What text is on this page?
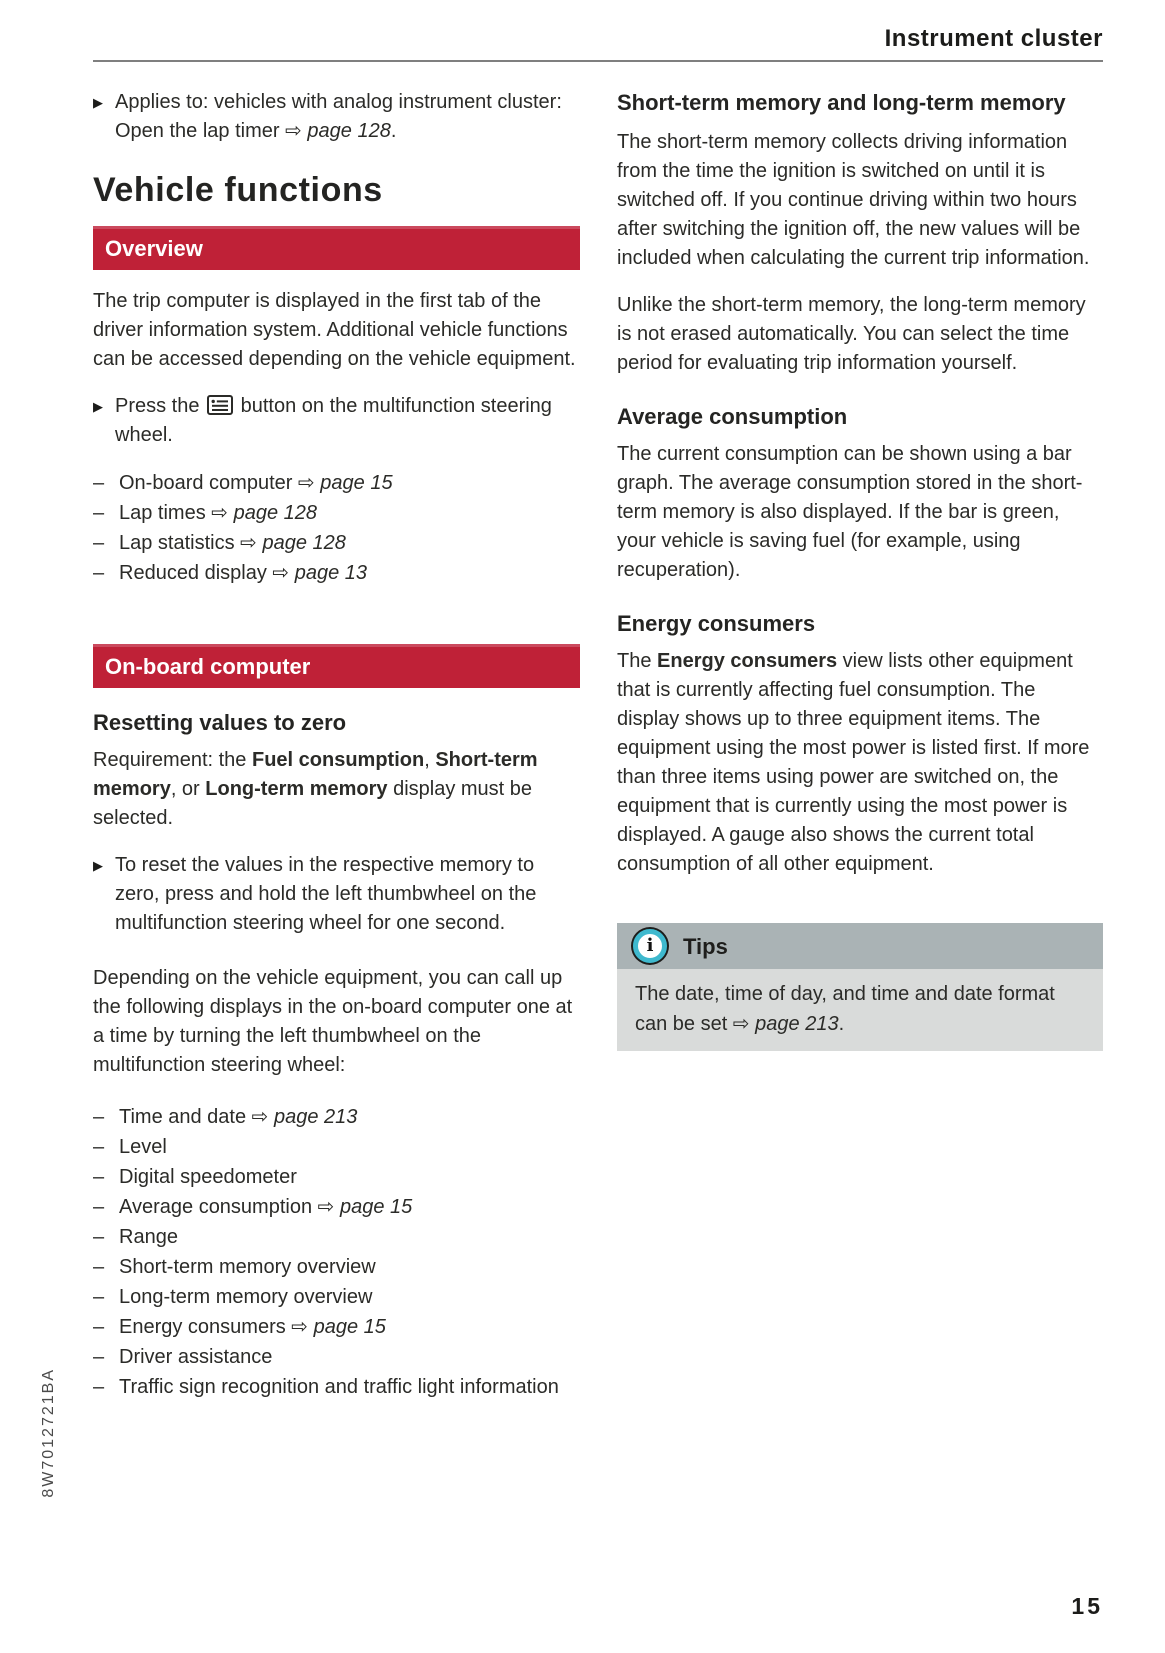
Instrument cluster
▶ Applies to: vehicles with analog instrument cluster: Open the lap timer ⇨ page 128.
Vehicle functions
Overview

The trip computer is displayed in the first tab of the driver information system. Additional vehicle functions can be accessed depending on the vehicle equipment.

▶ Press the  button on the multifunction steering wheel.
– On-board computer ⇨ page 15
– Lap times ⇨ page 128
– Lap statistics ⇨ page 128
– Reduced display ⇨ page 13
On-board computer
Resetting values to zero

Requirement: the Fuel consumption, Short-term memory, or Long-term memory display must be selected.

▶ To reset the values in the respective memory to zero, press and hold the left thumbwheel on the multifunction steering wheel for one second.

Depending on the vehicle equipment, you can call up the following displays in the on-board computer one at a time by turning the left thumbwheel on the multifunction steering wheel:

– Time and date ⇨ page 213
– Level
– Digital speedometer
– Average consumption ⇨ page 15
– Range
– Short-term memory overview
– Long-term memory overview
– Energy consumers ⇨ page 15
– Driver assistance
– Traffic sign recognition and traffic light information
Short-term memory and long-term memory

The short-term memory collects driving information from the time the ignition is switched on until it is switched off. If you continue driving within two hours after switching the ignition off, the new values will be included when calculating the current trip information.

Unlike the short-term memory, the long-term memory is not erased automatically. You can select the time period for evaluating trip information yourself.

Average consumption

The current consumption can be shown using a bar graph. The average consumption stored in the short-term memory is also displayed. If the bar is green, your vehicle is saving fuel (for example, using recuperation).

Energy consumers

The Energy consumers view lists other equipment that is currently affecting fuel consumption. The display shows up to three equipment items. The equipment using the most power is listed first. If more than three items using power are switched on, the equipment that is currently using the most power is displayed. A gauge also shows the current total consumption of all other equipment.

i Tips
The date, time of day, and time and date format can be set ⇨ page 213.
8W7012721BA
15
